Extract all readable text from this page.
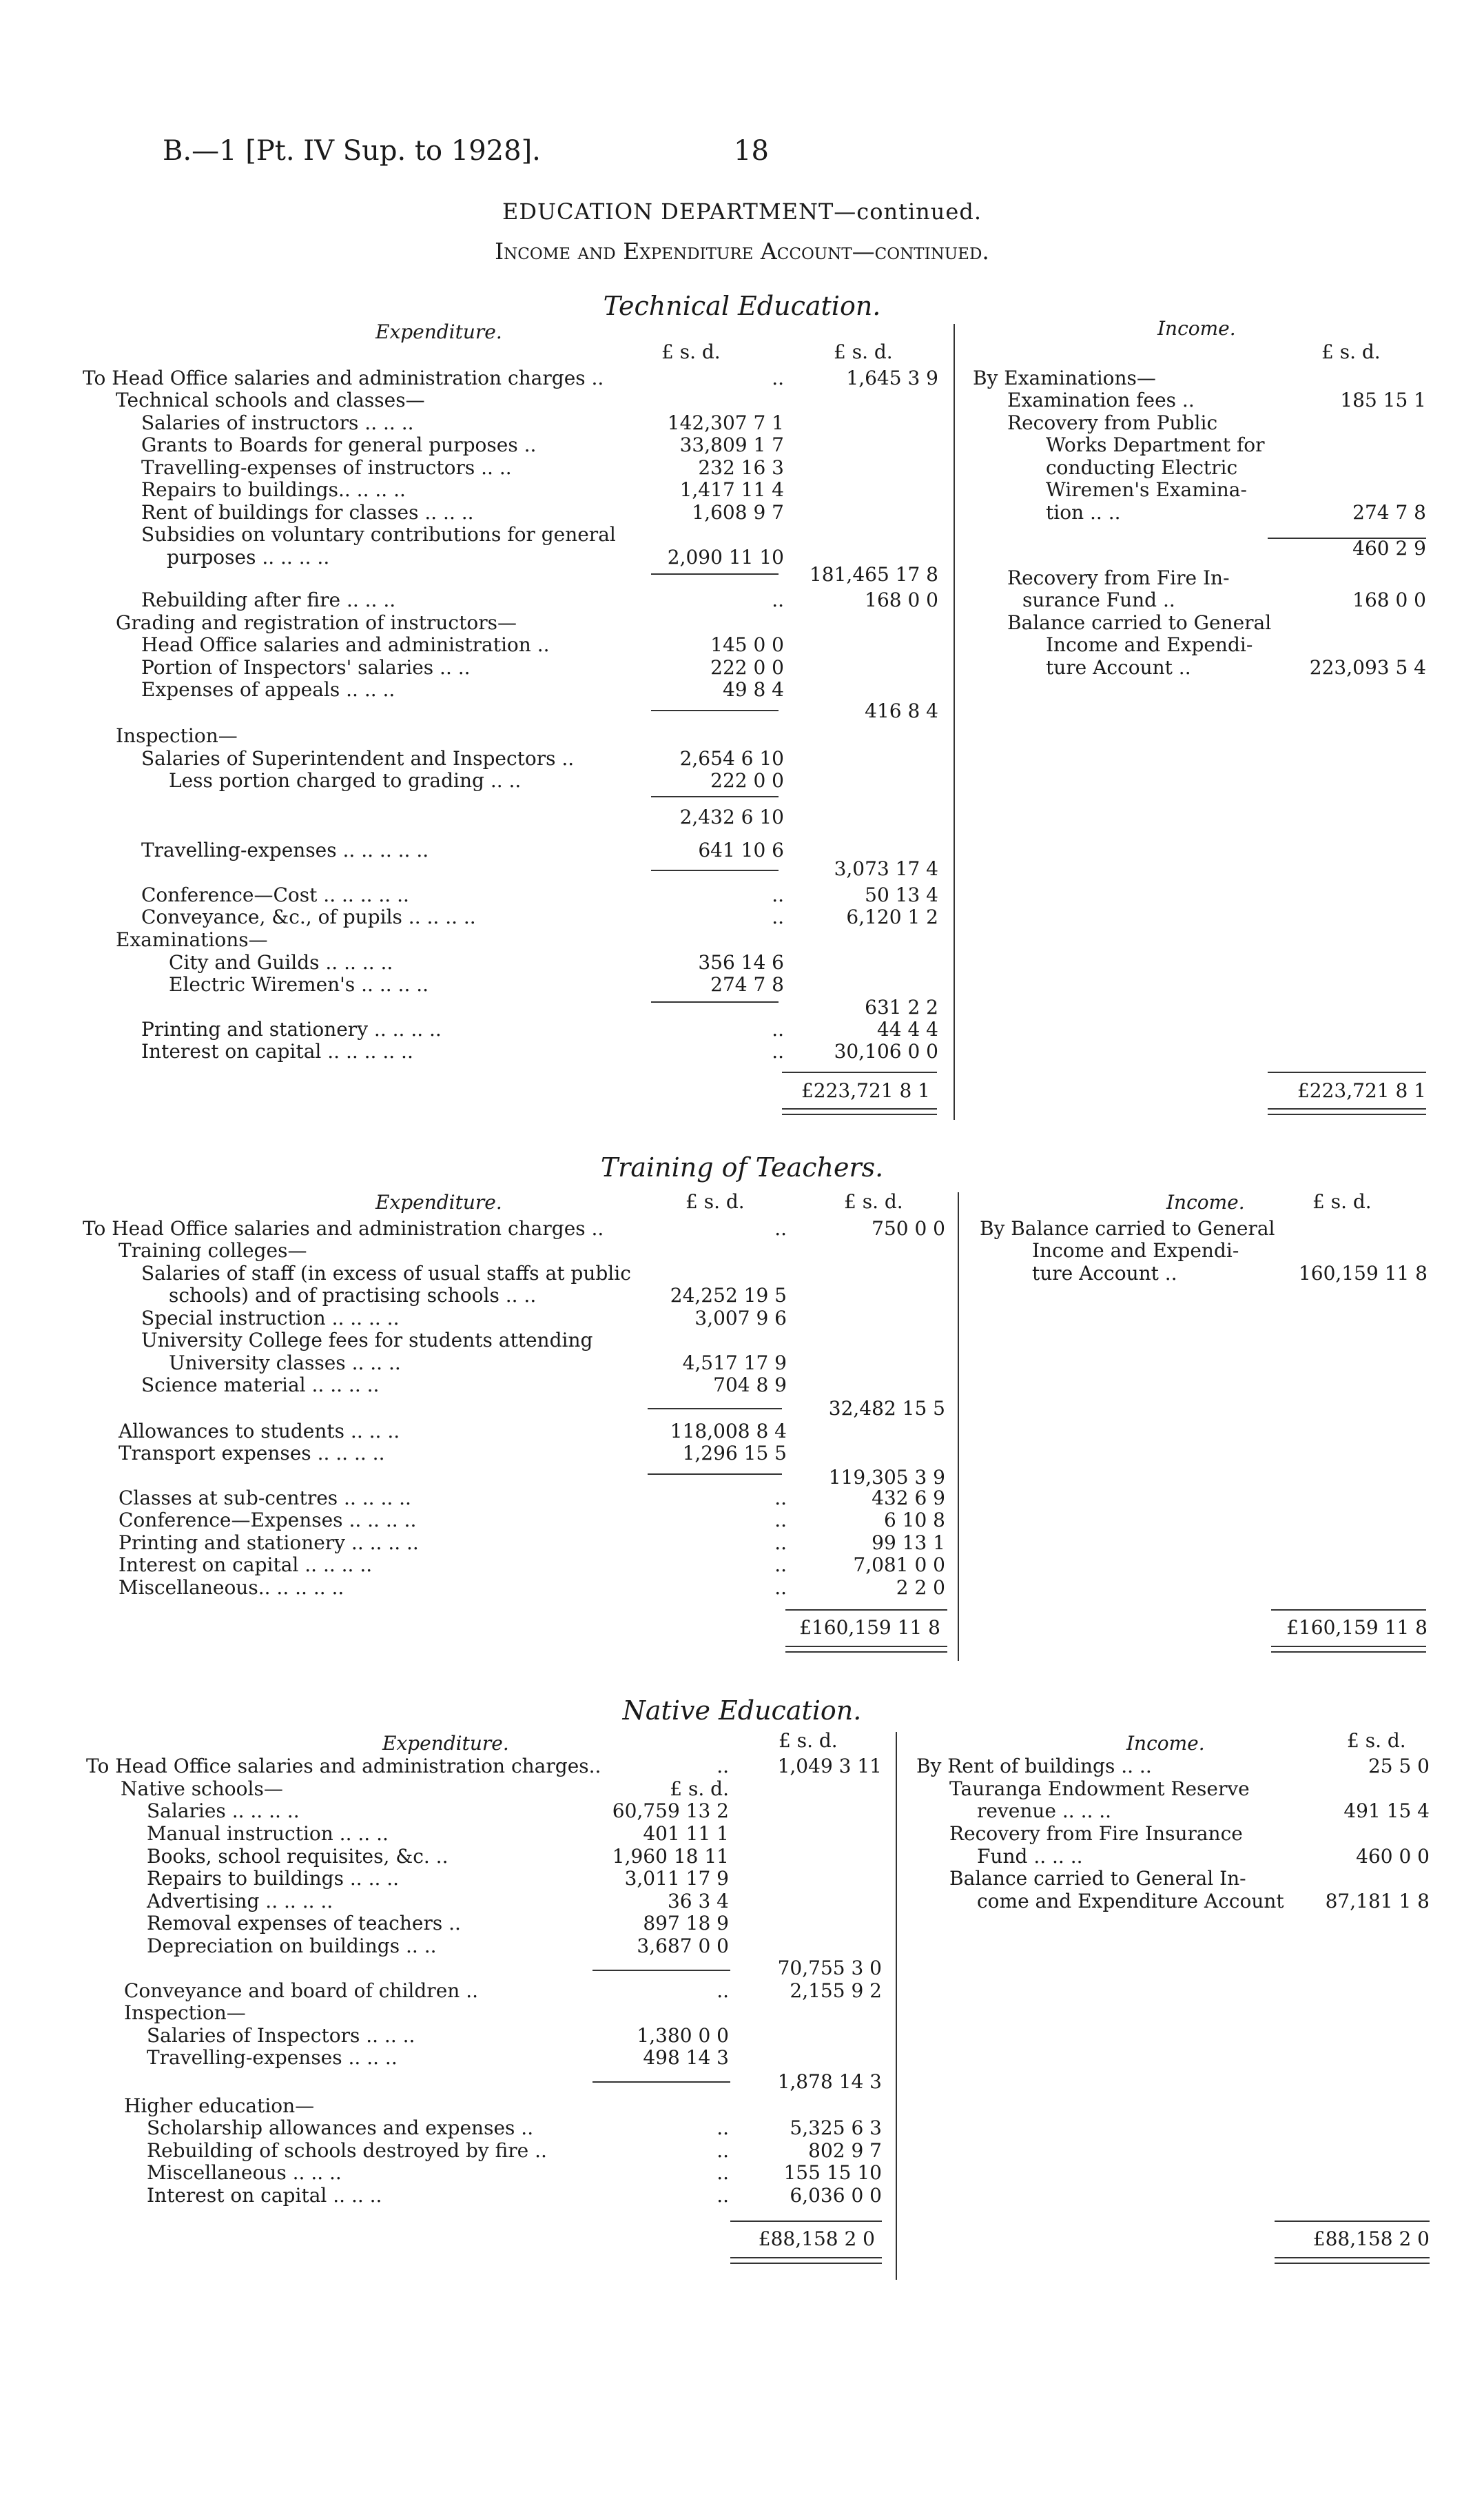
B.—1 [Pt. IV Sup. to 1928].	18
EDUCATION DEPARTMENT—continued.
Income and Expenditure Account—continued.
Technical Education.
Expenditure.	Income.
£ s. d.	£ s. d.	£ s. d.
To Head Office salaries and administration charges ..	..	1,645 3 9
Technical schools and classes—
Salaries of instructors .. .. ..	142,307 7 1
Grants to Boards for general purposes ..	33,809 1 7
Travelling-expenses of instructors .. ..	232 16 3
Repairs to buildings.. .. .. ..	1,417 11 4
Rent of buildings for classes .. .. ..	1,608 9 7
Subsidies on voluntary contributions for general
purposes .. .. .. ..	2,090 11 10
181,465 17 8
Rebuilding after fire .. .. ..	..	168 0 0
Grading and registration of instructors—
Head Office salaries and administration ..	145 0 0
Portion of Inspectors' salaries .. ..	222 0 0
Expenses of appeals .. .. ..	49 8 4
416 8 4
Inspection—
Salaries of Superintendent and Inspectors ..	2,654 6 10
Less portion charged to grading .. ..	222 0 0
2,432 6 10
Travelling-expenses .. .. .. .. ..	641 10 6
3,073 17 4
Conference—Cost .. .. .. .. ..	..	50 13 4
Conveyance, &c., of pupils .. .. .. ..	..	6,120 1 2
Examinations—
City and Guilds .. .. .. ..	356 14 6
Electric Wiremen's .. .. .. ..	274 7 8
631 2 2
Printing and stationery .. .. .. ..	..	44 4 4
Interest on capital .. .. .. .. ..	..	30,106 0 0
By Examinations—
Examination fees ..	185 15 1
Recovery from Public
Works Department for
conducting Electric
Wiremen's Examina-
tion .. ..	274 7 8
460 2 9
Recovery from Fire In-
surance Fund ..	168 0 0
Balance carried to General
Income and Expendi-
ture Account ..	223,093 5 4
£223,721 8 1	£223,721 8 1
Training of Teachers.
Expenditure.	Income.
£ s. d.	£ s. d.	£ s. d.
To Head Office salaries and administration charges ..	..	750 0 0
Training colleges—
Salaries of staff (in excess of usual staffs at public
schools) and of practising schools .. ..	24,252 19 5
Special instruction .. .. .. ..	3,007 9 6
University College fees for students attending
University classes .. .. ..	4,517 17 9
Science material .. .. .. ..	704 8 9
32,482 15 5
Allowances to students .. .. ..	118,008 8 4
Transport expenses .. .. .. ..	1,296 15 5
119,305 3 9
Classes at sub-centres .. .. .. ..	..	432 6 9
Conference—Expenses .. .. .. ..	..	6 10 8
Printing and stationery .. .. .. ..	..	99 13 1
Interest on capital .. .. .. ..	..	7,081 0 0
Miscellaneous.. .. .. .. ..	..	2 2 0
By Balance carried to General
Income and Expendi-
ture Account ..	160,159 11 8
£160,159 11 8	£160,159 11 8
Native Education.
Expenditure.	Income.
£ s. d.	£ s. d.
To Head Office salaries and administration charges..	..	1,049 3 11
Native schools—	£ s. d.
Salaries .. .. .. ..	60,759 13 2
Manual instruction .. .. ..	401 11 1
Books, school requisites, &c. ..	1,960 18 11
Repairs to buildings .. .. ..	3,011 17 9
Advertising .. .. .. ..	36 3 4
Removal expenses of teachers ..	897 18 9
Depreciation on buildings .. ..	3,687 0 0
70,755 3 0
Conveyance and board of children ..	..	2,155 9 2
Inspection—
Salaries of Inspectors .. .. ..	1,380 0 0
Travelling-expenses .. .. ..	498 14 3
1,878 14 3
Higher education—
Scholarship allowances and expenses ..	..	5,325 6 3
Rebuilding of schools destroyed by fire ..	..	802 9 7
Miscellaneous .. .. ..	..	155 15 10
Interest on capital .. .. ..	..	6,036 0 0
By Rent of buildings .. ..	25 5 0
Tauranga Endowment Reserve
revenue .. .. ..	491 15 4
Recovery from Fire Insurance
Fund .. .. ..	460 0 0
Balance carried to General In-
come and Expenditure Account	87,181 1 8
£88,158 2 0	£88,158 2 0
